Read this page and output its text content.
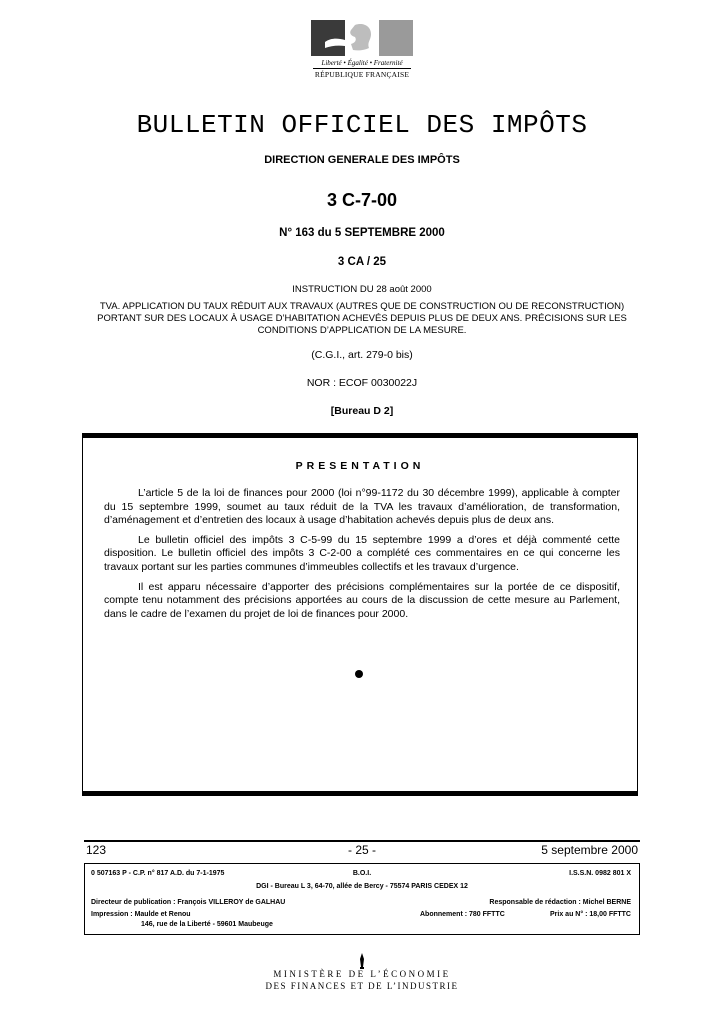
Liberté • Égalité • Fraternité
RÉPUBLIQUE FRANÇAISE
BULLETIN OFFICIEL DES IMPÔTS
DIRECTION GENERALE DES IMPÔTS
3 C-7-00
N° 163 du 5 SEPTEMBRE 2000
3 CA / 25
INSTRUCTION DU 28 août 2000
TVA. APPLICATION DU TAUX RÉDUIT AUX TRAVAUX (AUTRES QUE DE CONSTRUCTION OU DE RECONSTRUCTION) PORTANT SUR DES LOCAUX À USAGE D’HABITATION ACHEVÉS DEPUIS PLUS DE DEUX ANS. PRÉCISIONS SUR LES CONDITIONS D’APPLICATION DE LA MESURE.
(C.G.I., art. 279-0 bis)
NOR : ECOF 0030022J
[Bureau D 2]
PRESENTATION

L’article 5 de la loi de finances pour 2000 (loi n°99-1172 du 30 décembre 1999), applicable à compter du 15 septembre 1999, soumet au taux réduit de la TVA les travaux d’amélioration, de transformation, d’aménagement et d’entretien des locaux à usage d’habitation achevés depuis plus de deux ans.

Le bulletin officiel des impôts 3 C-5-99 du 15 septembre 1999 a d’ores et déjà commenté cette disposition. Le bulletin officiel des impôts 3 C-2-00 a complété ces commentaires en ce qui concerne les travaux portant sur les parties communes d’immeubles collectifs et les travaux d’urgence.

Il est apparu nécessaire d’apporter des précisions complémentaires sur la portée de ce dispositif, compte tenu notamment des précisions apportées au cours de la discussion de cette mesure au Parlement, dans le cadre de l’examen du projet de loi de finances pour 2000.

123	- 25 -	5 septembre 2000
0 507163 P - C.P. n° 817 A.D. du 7-1-1975	B.O.I.	I.S.S.N. 0982 801 X
DGI - Bureau L 3, 64-70, allée de Bercy - 75574 PARIS CEDEX 12
Directeur de publication : François VILLEROY de GALHAU	Responsable de rédaction : Michel BERNE
Impression : Maulde et Renou	Abonnement : 780 FFTTC	Prix au N° : 18,00 FFTTC
146, rue de la Liberté - 59601 Maubeuge
MINISTÈRE DE L’ÉCONOMIE
DES FINANCES ET DE L’INDUSTRIE
